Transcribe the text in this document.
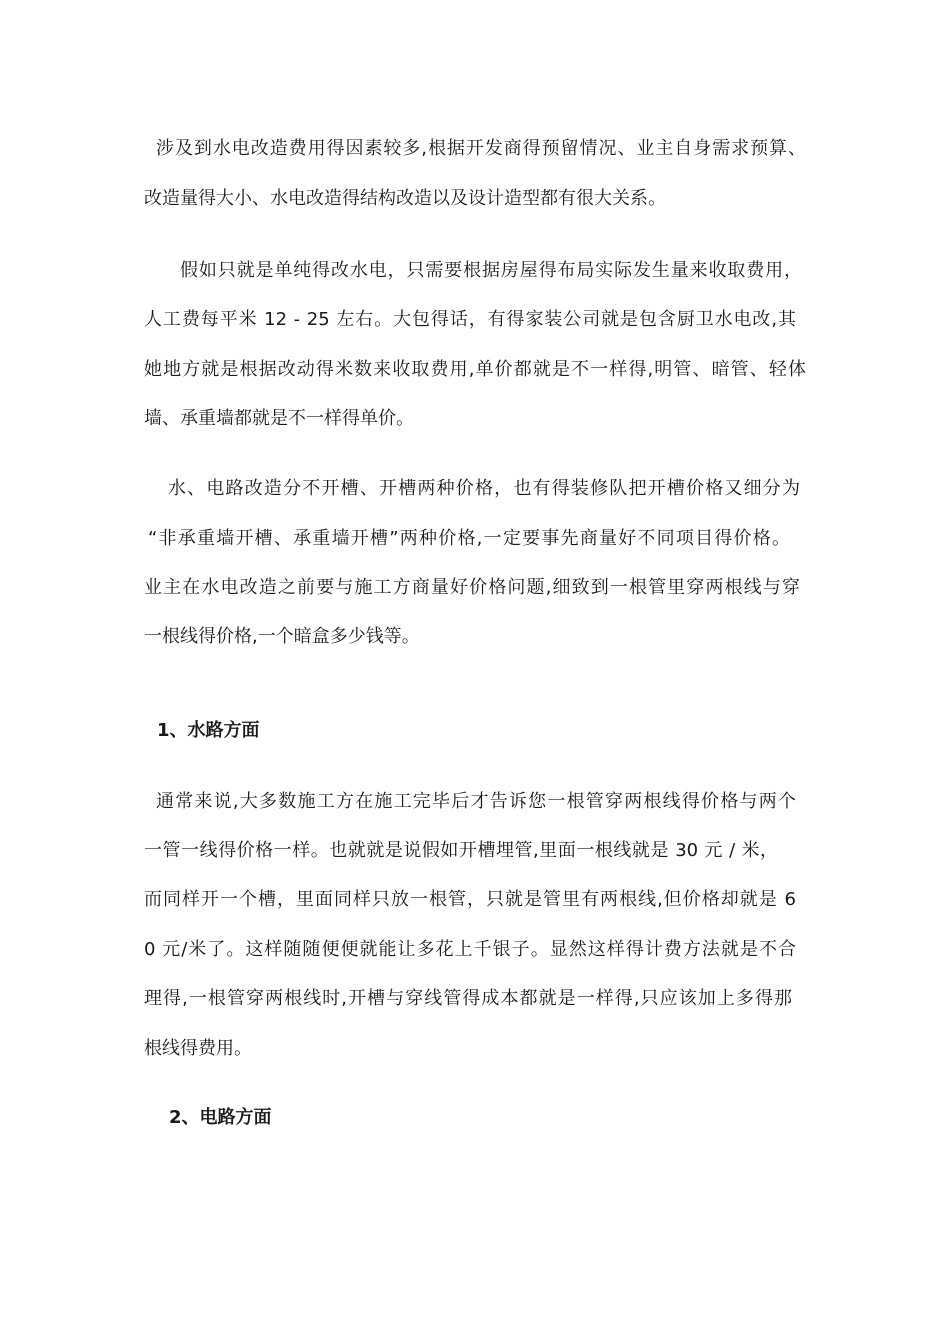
涉及到水电改造费用得因素较多,根据开发商得预留情况、业主自身需求预算、
改造量得大小、水电改造得结构改造以及设计造型都有很大关系。
假如只就是单纯得改水电，只需要根据房屋得布局实际发生量来收取费用，
人工费每平米 12 - 25 左右。大包得话，有得家装公司就是包含厨卫水电改,其
她地方就是根据改动得米数来收取费用,单价都就是不一样得,明管、暗管、轻体
墙、承重墙都就是不一样得单价。
水、电路改造分不开槽、开槽两种价格，也有得装修队把开槽价格又细分为
“非承重墙开槽、承重墙开槽”两种价格,一定要事先商量好不同项目得价格。
业主在水电改造之前要与施工方商量好价格问题,细致到一根管里穿两根线与穿
一根线得价格,一个暗盒多少钱等。
1、水路方面
通常来说,大多数施工方在施工完毕后才告诉您一根管穿两根线得价格与两个
一管一线得价格一样。也就就是说假如开槽埋管,里面一根线就是 30 元 / 米，
而同样开一个槽，里面同样只放一根管，只就是管里有两根线,但价格却就是 6
0 元/米了。这样随随便便就能让多花上千银子。显然这样得计费方法就是不合
理得,一根管穿两根线时,开槽与穿线管得成本都就是一样得,只应该加上多得那
根线得费用。
2、电路方面
